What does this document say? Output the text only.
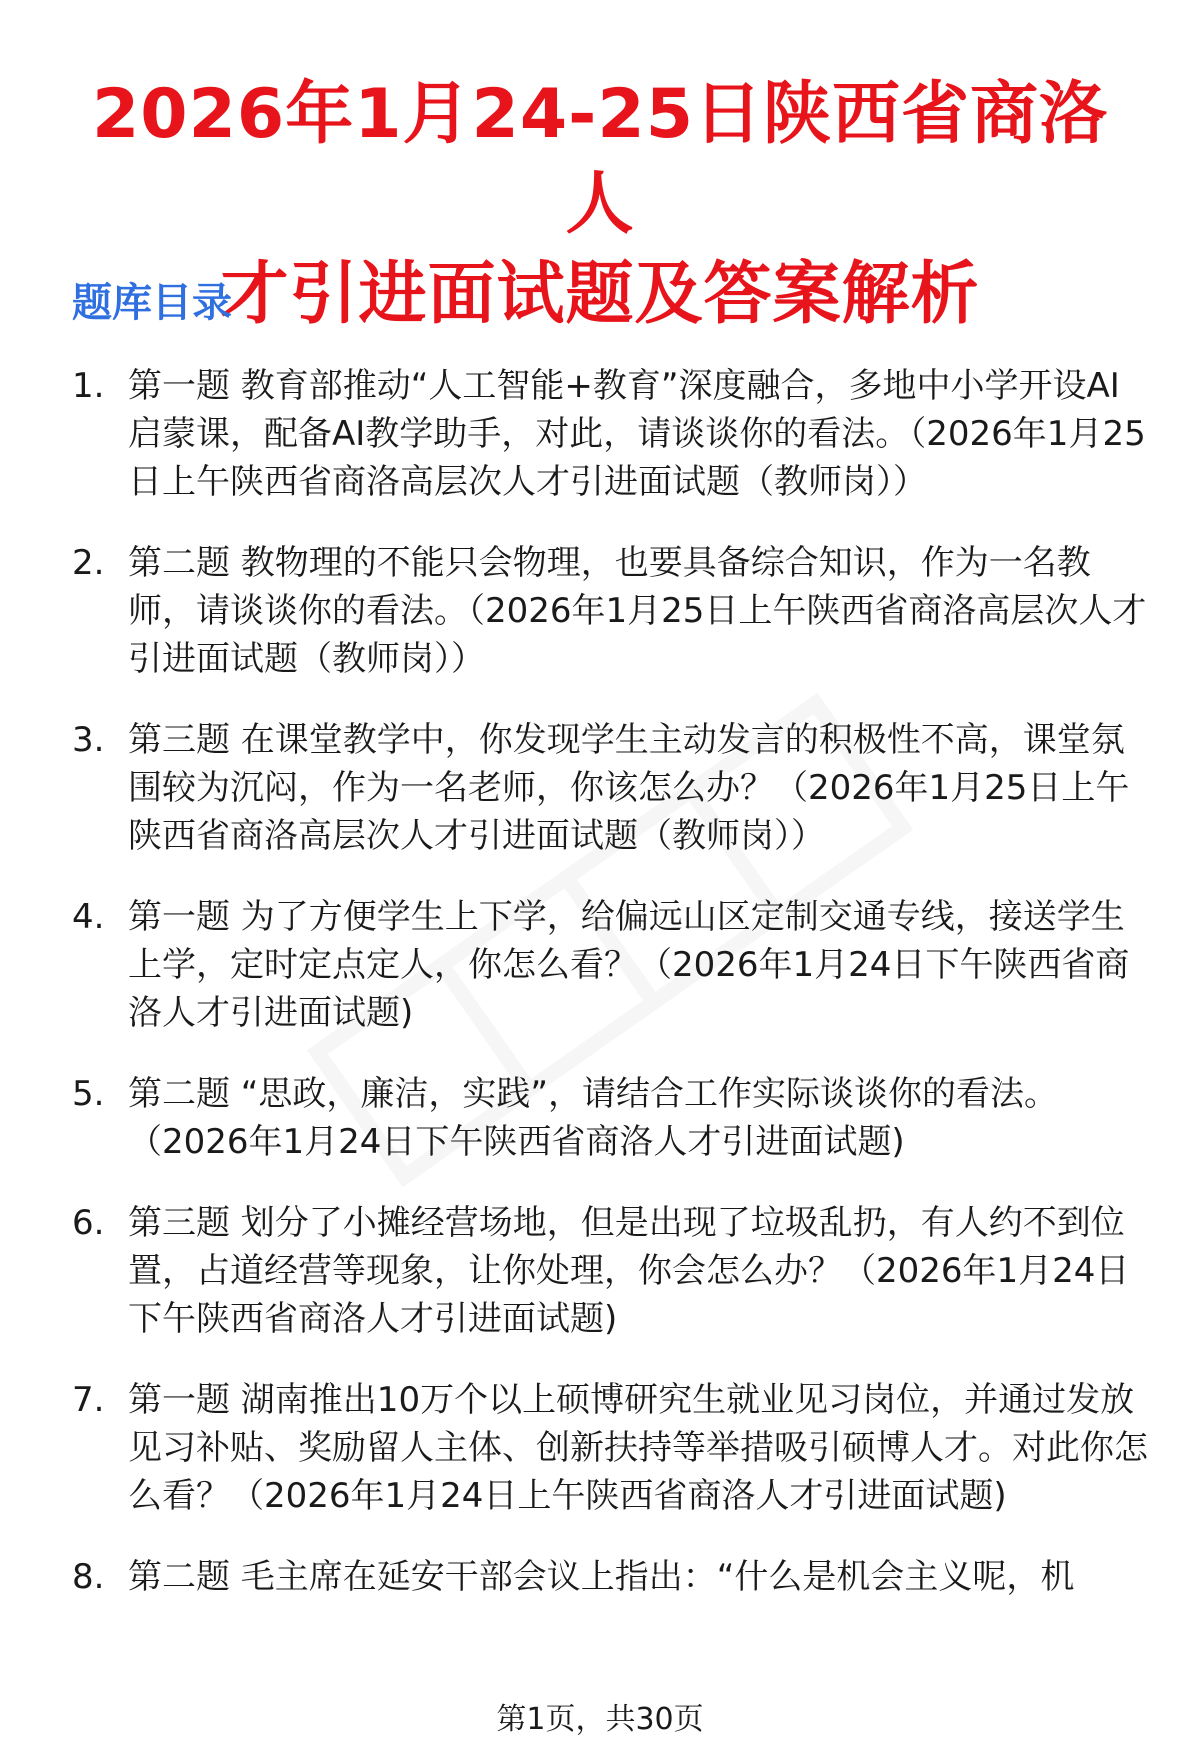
2026年1月24-25日陕西省商洛人
才引进面试题及答案解析
题库目录
1. 第一题 教育部推动“人工智能+教育”深度融合，多地中小学开设AI启蒙课，配备AI教学助手，对此，请谈谈你的看法。（2026年1月25日上午陕西省商洛高层次人才引进面试题（教师岗））
2. 第二题 教物理的不能只会物理，也要具备综合知识，作为一名教师，请谈谈你的看法。（2026年1月25日上午陕西省商洛高层次人才引进面试题（教师岗））
3. 第三题 在课堂教学中，你发现学生主动发言的积极性不高，课堂氛围较为沉闷，作为一名老师，你该怎么办？（2026年1月25日上午陕西省商洛高层次人才引进面试题（教师岗））
4. 第一题 为了方便学生上下学，给偏远山区定制交通专线，接送学生上学，定时定点定人，你怎么看？（2026年1月24日下午陕西省商洛人才引进面试题)
5. 第二题 “思政，廉洁，实践”，请结合工作实际谈谈你的看法。（2026年1月24日下午陕西省商洛人才引进面试题)
6. 第三题 划分了小摊经营场地，但是出现了垃圾乱扔，有人约不到位置，占道经营等现象，让你处理，你会怎么办？（2026年1月24日下午陕西省商洛人才引进面试题)
7. 第一题 湖南推出10万个以上硕博研究生就业见习岗位，并通过发放见习补贴、奖励留人主体、创新扶持等举措吸引硕博人才。对此你怎么看？（2026年1月24日上午陕西省商洛人才引进面试题)
8. 第二题 毛主席在延安干部会议上指出：“什么是机会主义呢，机
第1页，共30页
